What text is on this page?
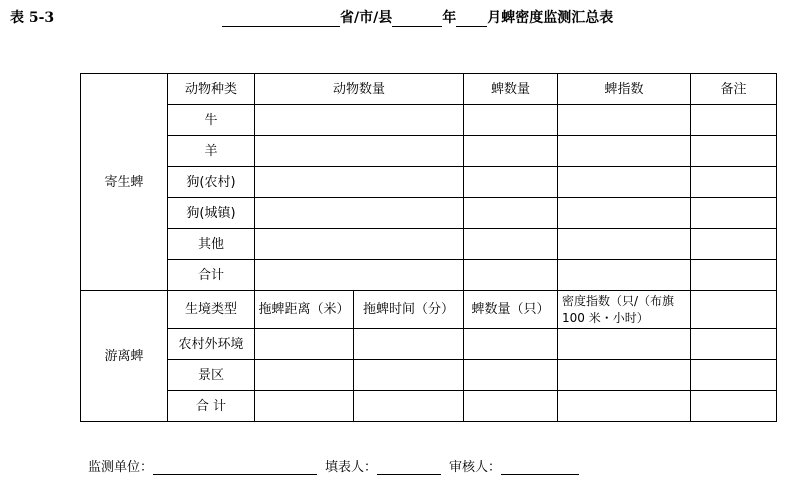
表 5-3	省/市/县	年 月蜱密度监测汇总表
寄生蜱	动物种类	动物数量		蜱数量	蜱指数	备注
	牛					
	羊					
	狗(农村)					
	狗(城镇)					
	其他					
	合计					
游离蜱	生境类型	拖蜱距离（米）	拖蜱时间（分）	蜱数量（只）	密度指数（只/（布旗 100 米・小时）	
	农村外环境					
	景区					
	合 计					
监测单位：	填表人：	审核人：
